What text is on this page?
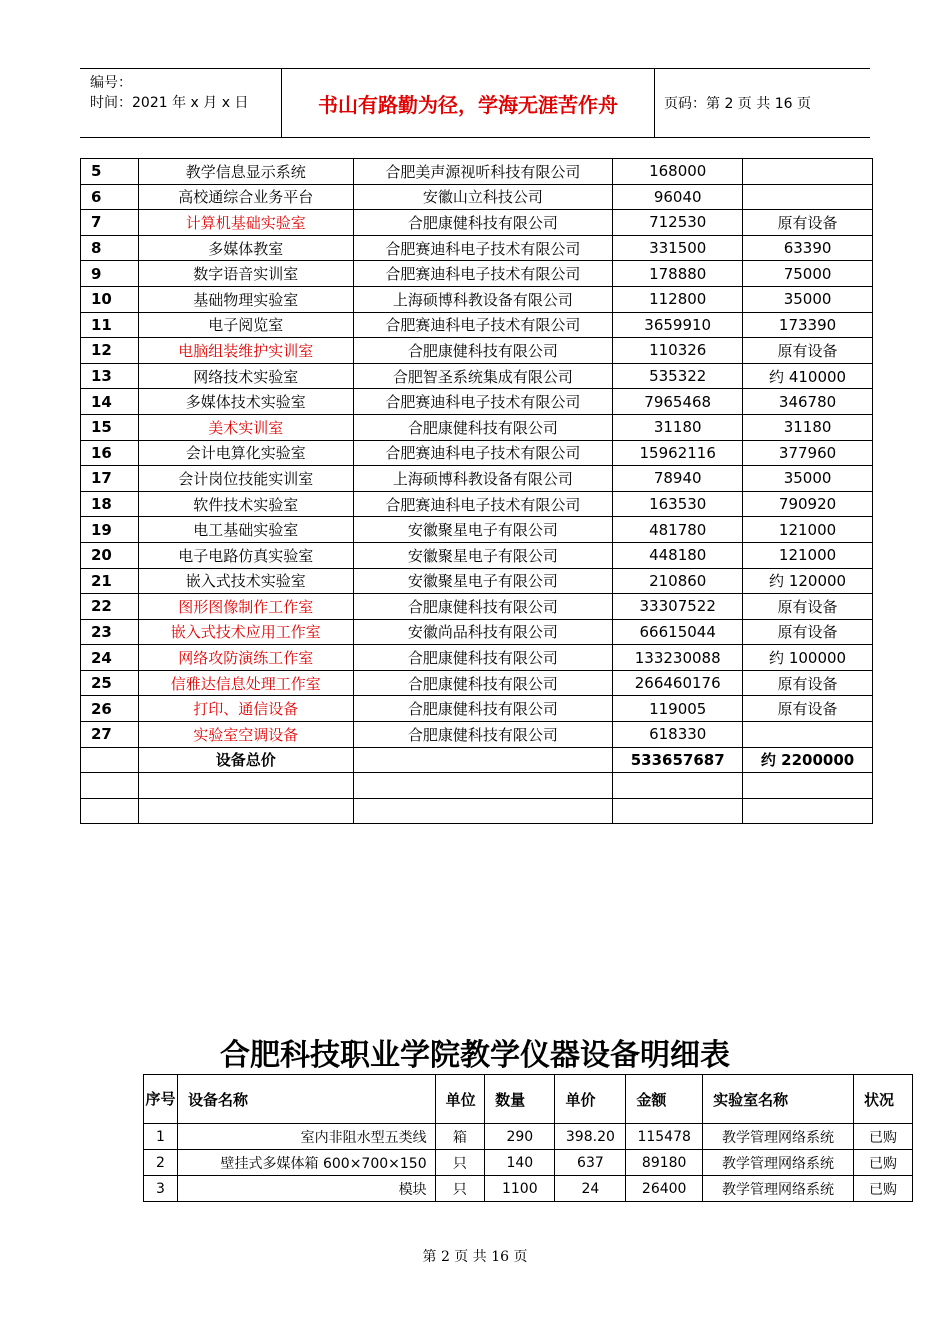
编号：
时间：2021 年 x 月 x 日	书山有路勤为径，学海无涯苦作舟	页码：第 2 页 共 16 页
5	教学信息显示系统	合肥美声源视听科技有限公司	168000	
6	高校通综合业务平台	安徽山立科技公司	96040	
7	计算机基础实验室	合肥康健科技有限公司	712530	原有设备
8	多媒体教室	合肥赛迪科电子技术有限公司	331500	63390
9	数字语音实训室	合肥赛迪科电子技术有限公司	178880	75000
10	基础物理实验室	上海硕博科教设备有限公司	112800	35000
11	电子阅览室	合肥赛迪科电子技术有限公司	3659910	173390
12	电脑组装维护实训室	合肥康健科技有限公司	110326	原有设备
13	网络技术实验室	合肥智圣系统集成有限公司	535322	约 410000
14	多媒体技术实验室	合肥赛迪科电子技术有限公司	7965468	346780
15	美术实训室	合肥康健科技有限公司	31180	31180
16	会计电算化实验室	合肥赛迪科电子技术有限公司	15962116	377960
17	会计岗位技能实训室	上海硕博科教设备有限公司	78940	35000
18	软件技术实验室	合肥赛迪科电子技术有限公司	163530	790920
19	电工基础实验室	安徽聚星电子有限公司	481780	121000
20	电子电路仿真实验室	安徽聚星电子有限公司	448180	121000
21	嵌入式技术实验室	安徽聚星电子有限公司	210860	约 120000
22	图形图像制作工作室	合肥康健科技有限公司	33307522	原有设备
23	嵌入式技术应用工作室	安徽尚品科技有限公司	66615044	原有设备
24	网络攻防演练工作室	合肥康健科技有限公司	133230088	约 100000
25	信雅达信息处理工作室	合肥康健科技有限公司	266460176	原有设备
26	打印、通信设备	合肥康健科技有限公司	119005	原有设备
27	实验室空调设备	合肥康健科技有限公司	618330	
	设备总价		533657687	约 2200000

合肥科技职业学院教学仪器设备明细表
序号	设备名称	单位	数量	单价	金额	实验室名称	状况
1	室内非阻水型五类线	箱	290	398.20	115478	教学管理网络系统	已购
2	壁挂式多媒体箱 600×700×150	只	140	637	89180	教学管理网络系统	已购
3	模块	只	1100	24	26400	教学管理网络系统	已购
第 2 页 共 16 页
